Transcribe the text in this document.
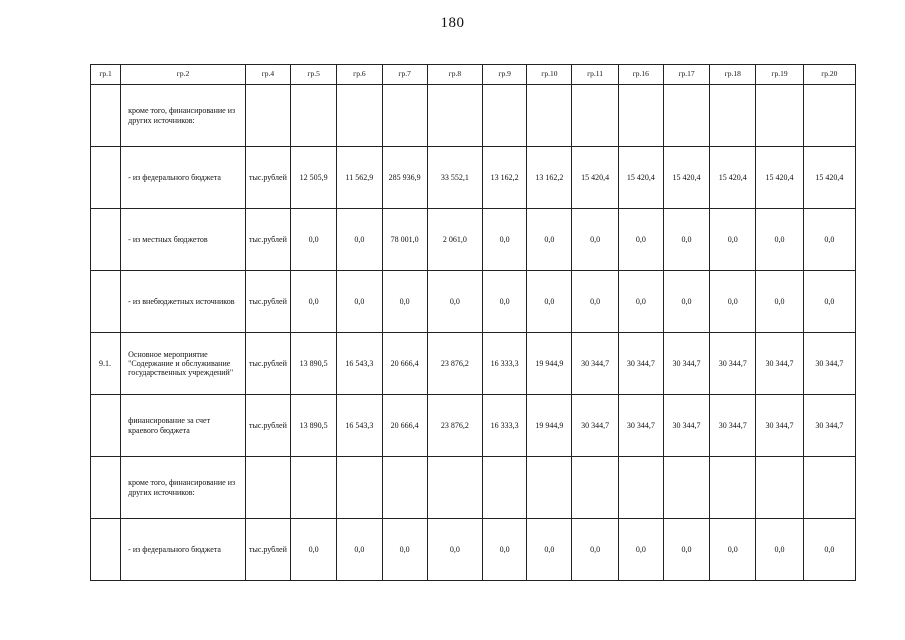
180
гр.1	гр.2	гр.4	гр.5	гр.6	гр.7	гр.8	гр.9	гр.10	гр.11	гр.16	гр.17	гр.18	гр.19	гр.20
	кроме того, финансирование из других источников:													
	- из федерального бюджета	тыс.рублей	12 505,9	11 562,9	285 936,9	33 552,1	13 162,2	13 162,2	15 420,4	15 420,4	15 420,4	15 420,4	15 420,4	15 420,4
	- из местных бюджетов	тыс.рублей	0,0	0,0	78 001,0	2 061,0	0,0	0,0	0,0	0,0	0,0	0,0	0,0	0,0
	- из внебюджетных источников	тыс.рублей	0,0	0,0	0,0	0,0	0,0	0,0	0,0	0,0	0,0	0,0	0,0	0,0
9.1.	Основное мероприятие "Содержание и обслуживание государственных учреждений"	тыс.рублей	13 890,5	16 543,3	20 666,4	23 876,2	16 333,3	19 944,9	30 344,7	30 344,7	30 344,7	30 344,7	30 344,7	30 344,7
	финансирование за счет краевого бюджета	тыс.рублей	13 890,5	16 543,3	20 666,4	23 876,2	16 333,3	19 944,9	30 344,7	30 344,7	30 344,7	30 344,7	30 344,7	30 344,7
	кроме того, финансирование из других источников:													
	- из федерального бюджета	тыс.рублей	0,0	0,0	0,0	0,0	0,0	0,0	0,0	0,0	0,0	0,0	0,0	0,0
